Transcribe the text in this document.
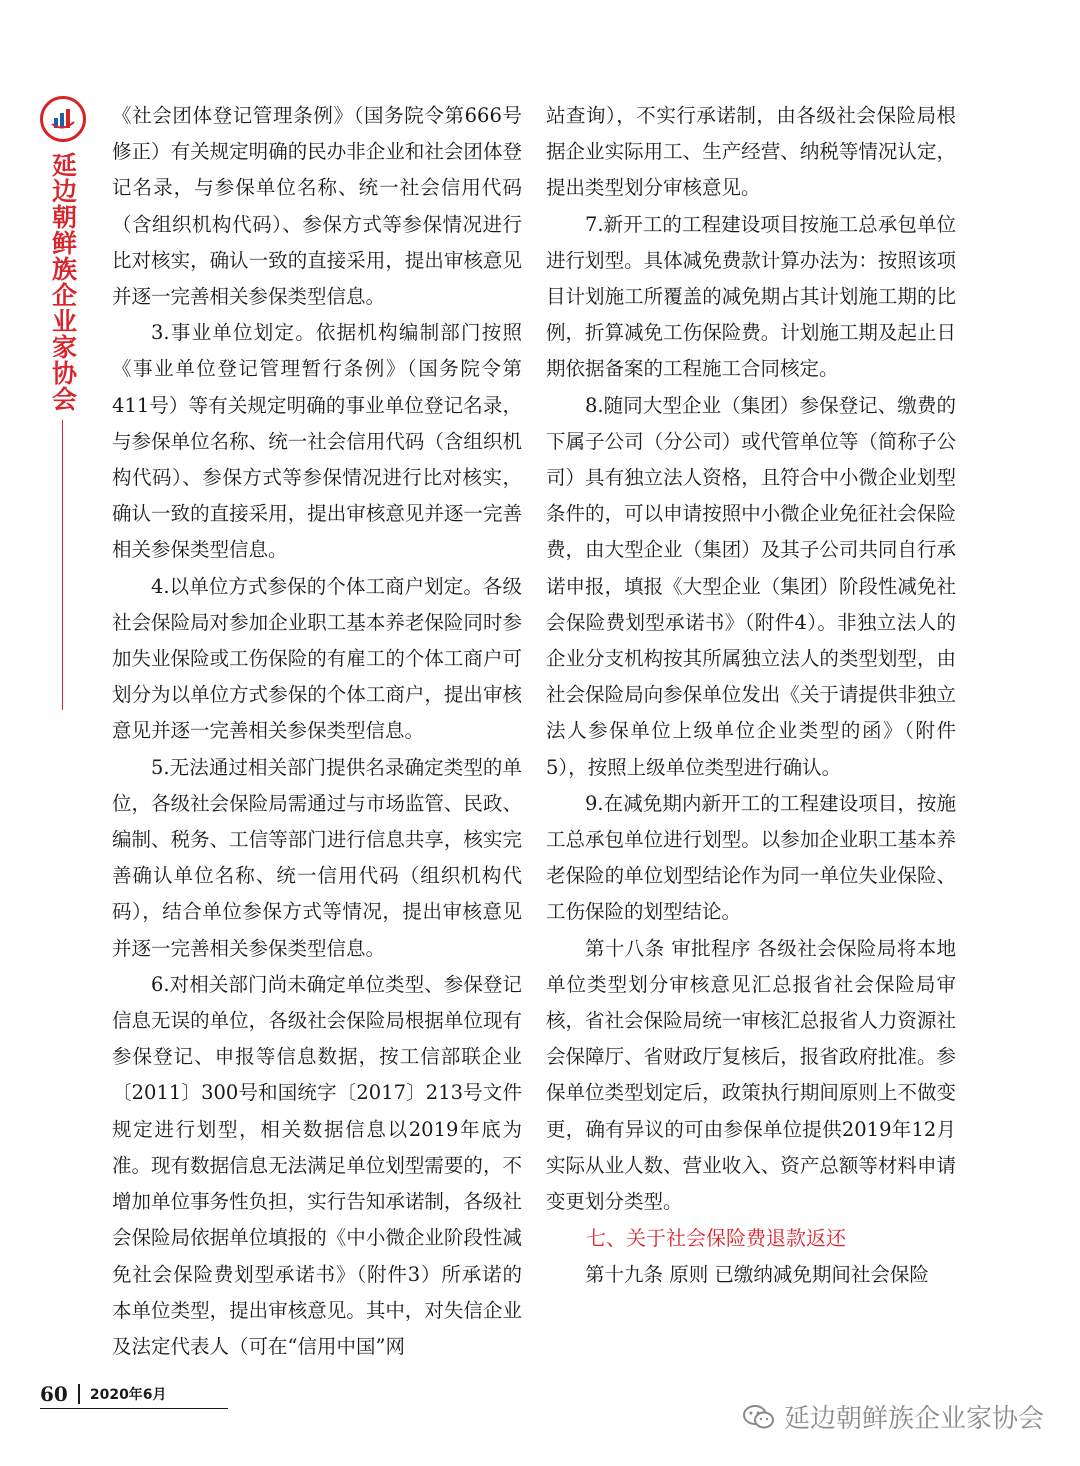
延边朝鲜族企业家协会

《社会团体登记管理条例》（国务院令第666号修正）有关规定明确的民办非企业和社会团体登记名录，与参保单位名称、统一社会信用代码（含组织机构代码）、参保方式等参保情况进行比对核实，确认一致的直接采用，提出审核意见并逐一完善相关参保类型信息。

3.事业单位划定。依据机构编制部门按照《事业单位登记管理暂行条例》（国务院令第411号）等有关规定明确的事业单位登记名录，与参保单位名称、统一社会信用代码（含组织机构代码）、参保方式等参保情况进行比对核实，确认一致的直接采用，提出审核意见并逐一完善相关参保类型信息。

4.以单位方式参保的个体工商户划定。各级社会保险局对参加企业职工基本养老保险同时参加失业保险或工伤保险的有雇工的个体工商户可划分为以单位方式参保的个体工商户，提出审核意见并逐一完善相关参保类型信息。

5.无法通过相关部门提供名录确定类型的单位，各级社会保险局需通过与市场监管、民政、编制、税务、工信等部门进行信息共享，核实完善确认单位名称、统一信用代码（组织机构代码），结合单位参保方式等情况，提出审核意见并逐一完善相关参保类型信息。

6.对相关部门尚未确定单位类型、参保登记信息无误的单位，各级社会保险局根据单位现有参保登记、申报等信息数据，按工信部联企业〔2011〕300号和国统字〔2017〕213号文件规定进行划型，相关数据信息以2019年底为准。现有数据信息无法满足单位划型需要的，不增加单位事务性负担，实行告知承诺制，各级社会保险局依据单位填报的《中小微企业阶段性减免社会保险费划型承诺书》（附件3）所承诺的本单位类型，提出审核意见。其中，对失信企业及法定代表人（可在“信用中国”网

站查询），不实行承诺制，由各级社会保险局根据企业实际用工、生产经营、纳税等情况认定，提出类型划分审核意见。

7.新开工的工程建设项目按施工总承包单位进行划型。具体减免费款计算办法为：按照该项目计划施工所覆盖的减免期占其计划施工期的比例，折算减免工伤保险费。计划施工期及起止日期依据备案的工程施工合同核定。

8.随同大型企业（集团）参保登记、缴费的下属子公司（分公司）或代管单位等（简称子公司）具有独立法人资格，且符合中小微企业划型条件的，可以申请按照中小微企业免征社会保险费，由大型企业（集团）及其子公司共同自行承诺申报，填报《大型企业（集团）阶段性减免社会保险费划型承诺书》（附件4）。非独立法人的企业分支机构按其所属独立法人的类型划型，由社会保险局向参保单位发出《关于请提供非独立法人参保单位上级单位企业类型的函》（附件5），按照上级单位类型进行确认。

9.在减免期内新开工的工程建设项目，按施工总承包单位进行划型。以参加企业职工基本养老保险的单位划型结论作为同一单位失业保险、工伤保险的划型结论。

第十八条 审批程序 各级社会保险局将本地单位类型划分审核意见汇总报省社会保险局审核，省社会保险局统一审核汇总报省人力资源社会保障厅、省财政厅复核后，报省政府批准。参保单位类型划定后，政策执行期间原则上不做变更，确有异议的可由参保单位提供2019年12月实际从业人数、营业收入、资产总额等材料申请变更划分类型。

七、关于社会保险费退款返还

第十九条 原则 已缴纳减免期间社会保险

60 2020年6月
延边朝鲜族企业家协会
